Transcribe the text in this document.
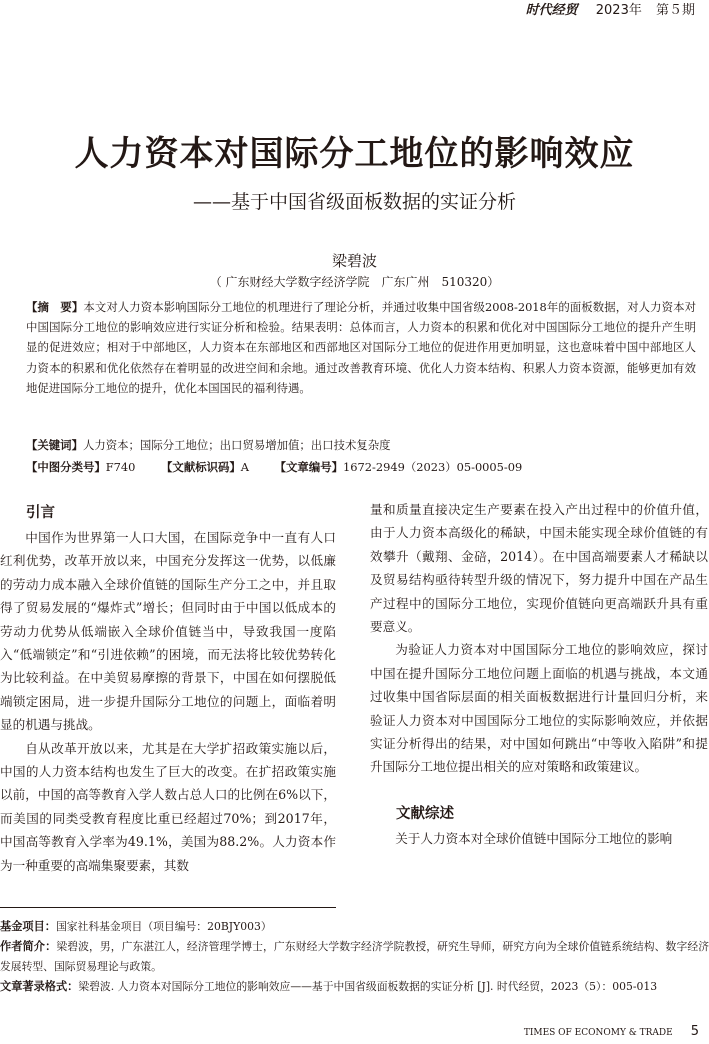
时代经贸 2023年 第５期
人力资本对国际分工地位的影响效应
——基于中国省级面板数据的实证分析
梁碧波
（ 广东财经大学数字经济学院　广东广州　510320）
【摘　要】本文对人力资本影响国际分工地位的机理进行了理论分析，并通过收集中国省级2008-2018年的面板数据，对人力资本对中国国际分工地位的影响效应进行实证分析和检验。结果表明：总体而言，人力资本的积累和优化对中国国际分工地位的提升产生明显的促进效应；相对于中部地区，人力资本在东部地区和西部地区对国际分工地位的促进作用更加明显，这也意味着中国中部地区人力资本的积累和优化依然存在着明显的改进空间和余地。通过改善教育环境、优化人力资本结构、积累人力资本资源，能够更加有效地促进国际分工地位的提升，优化本国国民的福利待遇。
【关键词】人力资本；国际分工地位；出口贸易增加值；出口技术复杂度
【中图分类号】F740 【文献标识码】A 【文章编号】1672-2949（2023）05-0005-09
引言

中国作为世界第一人口大国，在国际竞争中一直有人口红利优势，改革开放以来，中国充分发挥这一优势，以低廉的劳动力成本融入全球价值链的国际生产分工之中，并且取得了贸易发展的“爆炸式”增长；但同时由于中国以低成本的劳动力优势从低端嵌入全球价值链当中，导致我国一度陷入“低端锁定”和“引进依赖”的困境，而无法将比较优势转化为比较利益。在中美贸易摩擦的背景下，中国在如何摆脱低端锁定困局，进一步提升国际分工地位的问题上，面临着明显的机遇与挑战。

自从改革开放以来，尤其是在大学扩招政策实施以后，中国的人力资本结构也发生了巨大的改变。在扩招政策实施以前，中国的高等教育入学人数占总人口的比例在6%以下，而美国的同类受教育程度比重已经超过70%；到2017年，中国高等教育入学率为49.1%，美国为88.2%。人力资本作为一种重要的高端集聚要素，其数

量和质量直接决定生产要素在投入产出过程中的价值升值，由于人力资本高级化的稀缺，中国未能实现全球价值链的有效攀升（戴翔、金碚，2014）。在中国高端要素人才稀缺以及贸易结构亟待转型升级的情况下，努力提升中国在产品生产过程中的国际分工地位，实现价值链向更高端跃升具有重要意义。

为验证人力资本对中国国际分工地位的影响效应，探讨中国在提升国际分工地位问题上面临的机遇与挑战，本文通过收集中国省际层面的相关面板数据进行计量回归分析，来验证人力资本对中国国际分工地位的实际影响效应，并依据实证分析得出的结果，对中国如何跳出“中等收入陷阱”和提升国际分工地位提出相关的应对策略和政策建议。

文献综述

关于人力资本对全球价值链中国际分工地位的影响

基金项目：国家社科基金项目（项目编号：20BJY003）

作者简介：梁碧波，男，广东湛江人，经济管理学博士，广东财经大学数字经济学院教授，研究生导师，研究方向为全球价值链系统结构、数字经济发展转型、国际贸易理论与政策。

文章著录格式：梁碧波. 人力资本对国际分工地位的影响效应——基于中国省级面板数据的实证分析 [J]. 时代经贸，2023（5）：005-013

TIMES OF ECONOMY & TRADE 5
